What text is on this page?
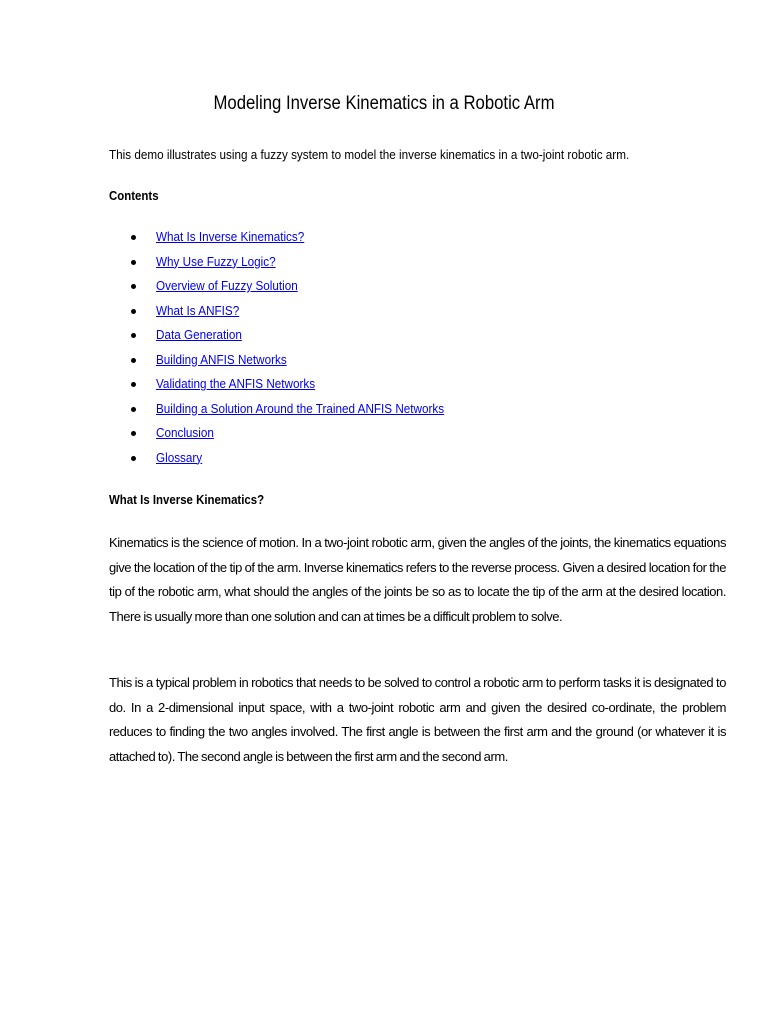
Modeling Inverse Kinematics in a Robotic Arm

This demo illustrates using a fuzzy system to model the inverse kinematics in a two-joint robotic arm.

Contents
What Is Inverse Kinematics?
Why Use Fuzzy Logic?
Overview of Fuzzy Solution
What Is ANFIS?
Data Generation
Building ANFIS Networks
Validating the ANFIS Networks
Building a Solution Around the Trained ANFIS Networks
Conclusion
Glossary
What Is Inverse Kinematics?

Kinematics is the science of motion. In a two-joint robotic arm, given the angles of the joints, the kinematics equations give the location of the tip of the arm. Inverse kinematics refers to the reverse process. Given a desired location for the tip of the robotic arm, what should the angles of the joints be so as to locate the tip of the arm at the desired location. There is usually more than one solution and can at times be a difficult problem to solve.

This is a typical problem in robotics that needs to be solved to control a robotic arm to perform tasks it is designated to do. In a 2-dimensional input space, with a two-joint robotic arm and given the desired co-ordinate, the problem reduces to finding the two angles involved. The first angle is between the first arm and the ground (or whatever it is attached to). The second angle is between the first arm and the second arm.
